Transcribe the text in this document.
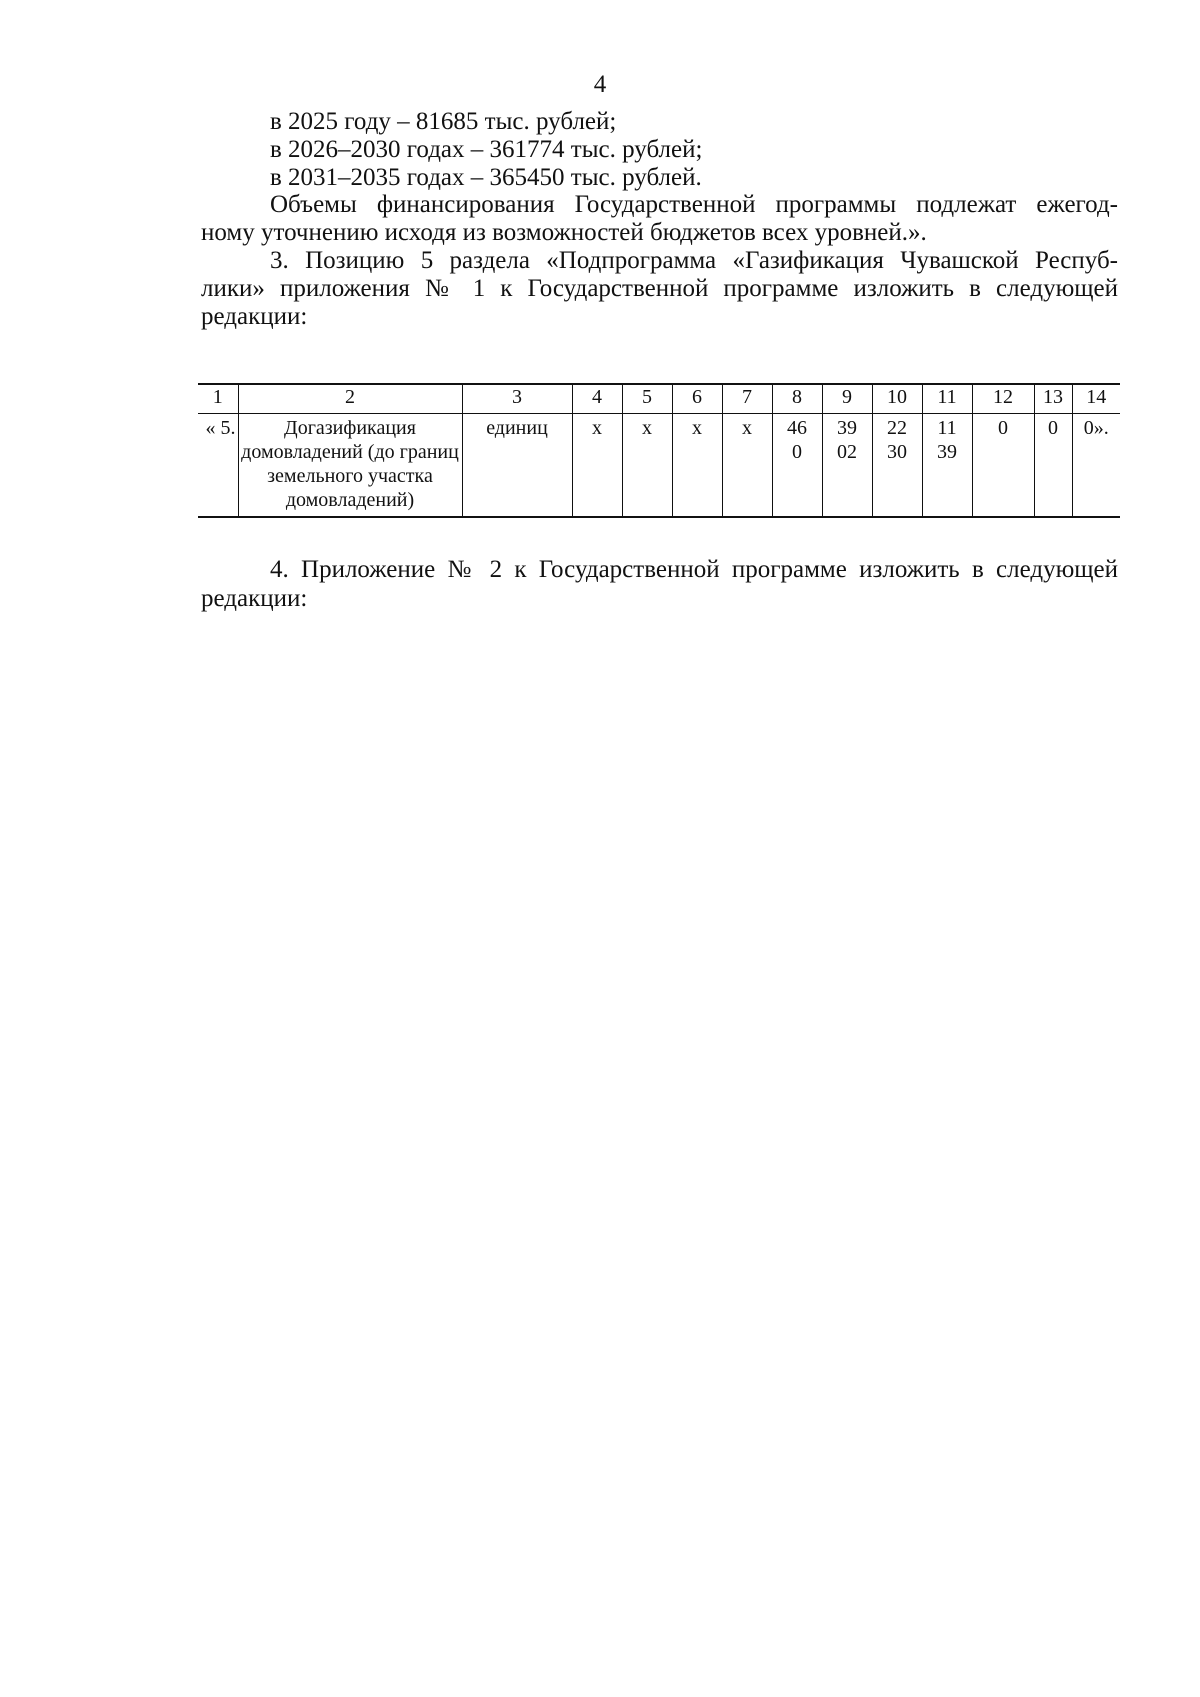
4
в 2025 году – 81685 тыс. рублей;
в 2026–2030 годах – 361774 тыс. рублей;
в 2031–2035 годах – 365450 тыс. рублей.
Объемы финансирования Государственной программы подлежат ежегод-
ному уточнению исходя из возможностей бюджетов всех уровней.».
3. Позицию 5 раздела «Подпрограмма «Газификация Чувашской Респуб-
лики» приложения № 1 к Государственной программе изложить в следующей
редакции:
1	2	3	4	5	6	7	8	9	10	11	12	13	14
« 5.	Догазификация домовладений (до границ земельного участка домовладений)	единиц	х	х	х	х	460	3902	2230	1139	0	0	0».
4. Приложение № 2 к Государственной программе изложить в следующей
редакции:
